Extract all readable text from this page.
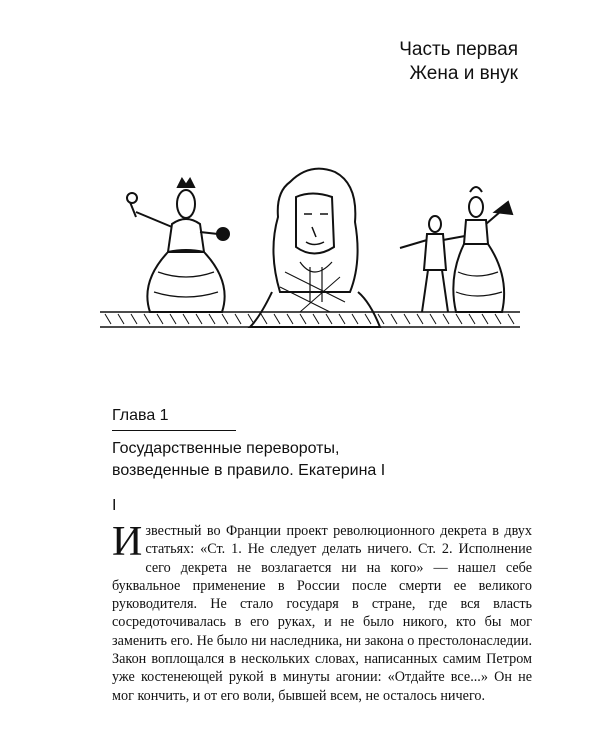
Часть первая
Жена и внук
Глава 1
Государственные перевороты,
возведенные в правило. Екатерина I
I
Известный во Франции проект революционного декрета в двух статьях: «Ст. 1. Не следует делать ничего. Ст. 2. Исполнение сего декрета не возлагается ни на кого» — нашел себе буквальное применение в России после смерти ее великого руководителя. Не стало государя в стране, где вся власть сосредоточивалась в его руках, и не было никого, кто бы мог заменить его. Не было ни наследника, ни закона о престолонаследии. Закон воплощался в нескольких словах, написанных самим Петром уже костенеющей рукой в минуты агонии: «Отдайте все...» Он не мог кончить, и от его воли, бывшей всем, не осталось ничего.
